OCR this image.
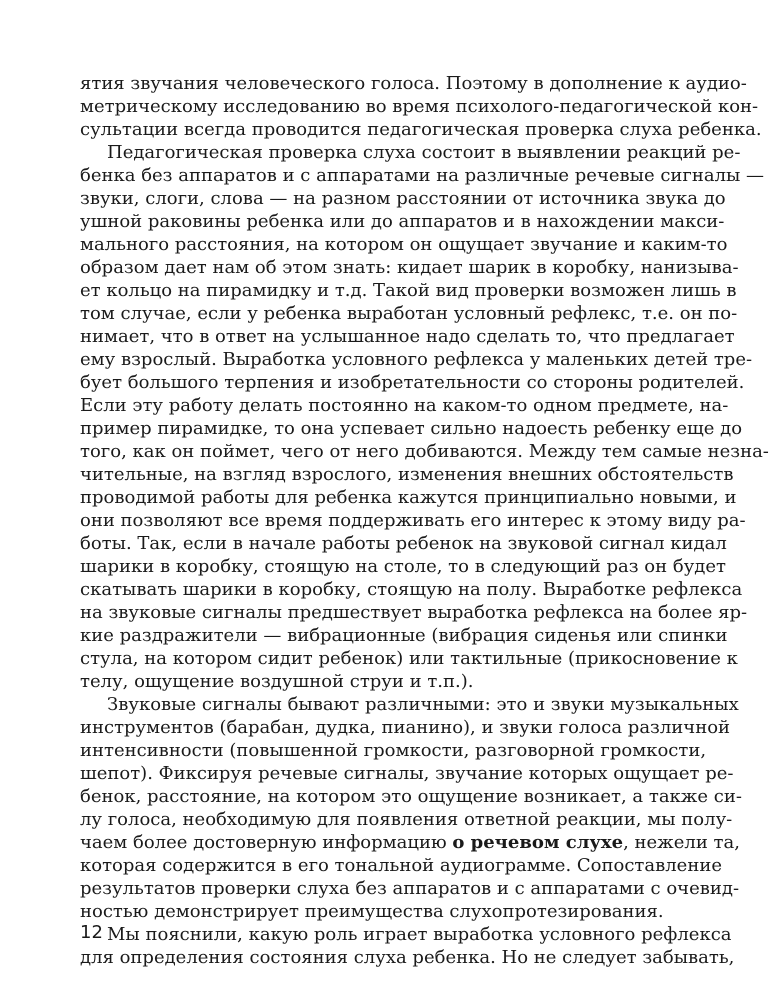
ятия звучания человеческого голоса. Поэтому в дополнение к аудио-
метрическому исследованию во время психолого-педагогической кон-
сультации всегда проводится педагогическая проверка слуха ребенка.
Педагогическая проверка слуха состоит в выявлении реакций ре-
бенка без аппаратов и с аппаратами на различные речевые сигналы —
звуки, слоги, слова — на разном расстоянии от источника звука до
ушной раковины ребенка или до аппаратов и в нахождении макси-
мального расстояния, на котором он ощущает звучание и каким-то
образом дает нам об этом знать: кидает шарик в коробку, нанизыва-
ет кольцо на пирамидку и т.д. Такой вид проверки возможен лишь в
том случае, если у ребенка выработан условный рефлекс, т.е. он по-
нимает, что в ответ на услышанное надо сделать то, что предлагает
ему взрослый. Выработка условного рефлекса у маленьких детей тре-
бует большого терпения и изобретательности со стороны родителей.
Если эту работу делать постоянно на каком-то одном предмете, на-
пример пирамидке, то она успевает сильно надоесть ребенку еще до
того, как он поймет, чего от него добиваются. Между тем самые незна-
чительные, на взгляд взрослого, изменения внешних обстоятельств
проводимой работы для ребенка кажутся принципиально новыми, и
они позволяют все время поддерживать его интерес к этому виду ра-
боты. Так, если в начале работы ребенок на звуковой сигнал кидал
шарики в коробку, стоящую на столе, то в следующий раз он будет
скатывать шарики в коробку, стоящую на полу. Выработке рефлекса
на звуковые сигналы предшествует выработка рефлекса на более яр-
кие раздражители — вибрационные (вибрация сиденья или спинки
стула, на котором сидит ребенок) или тактильные (прикосновение к
телу, ощущение воздушной струи и т.п.).
Звуковые сигналы бывают различными: это и звуки музыкальных
инструментов (барабан, дудка, пианино), и звуки голоса различной
интенсивности (повышенной громкости, разговорной громкости,
шепот). Фиксируя речевые сигналы, звучание которых ощущает ре-
бенок, расстояние, на котором это ощущение возникает, а также си-
лу голоса, необходимую для появления ответной реакции, мы полу-
чаем более достоверную информацию о речевом слухе, нежели та,
которая содержится в его тональной аудиограмме. Сопоставление
результатов проверки слуха без аппаратов и с аппаратами с очевид-
ностью демонстрирует преимущества слухопротезирования.
Мы пояснили, какую роль играет выработка условного рефлекса
для определения состояния слуха ребенка. Но не следует забывать,
12
